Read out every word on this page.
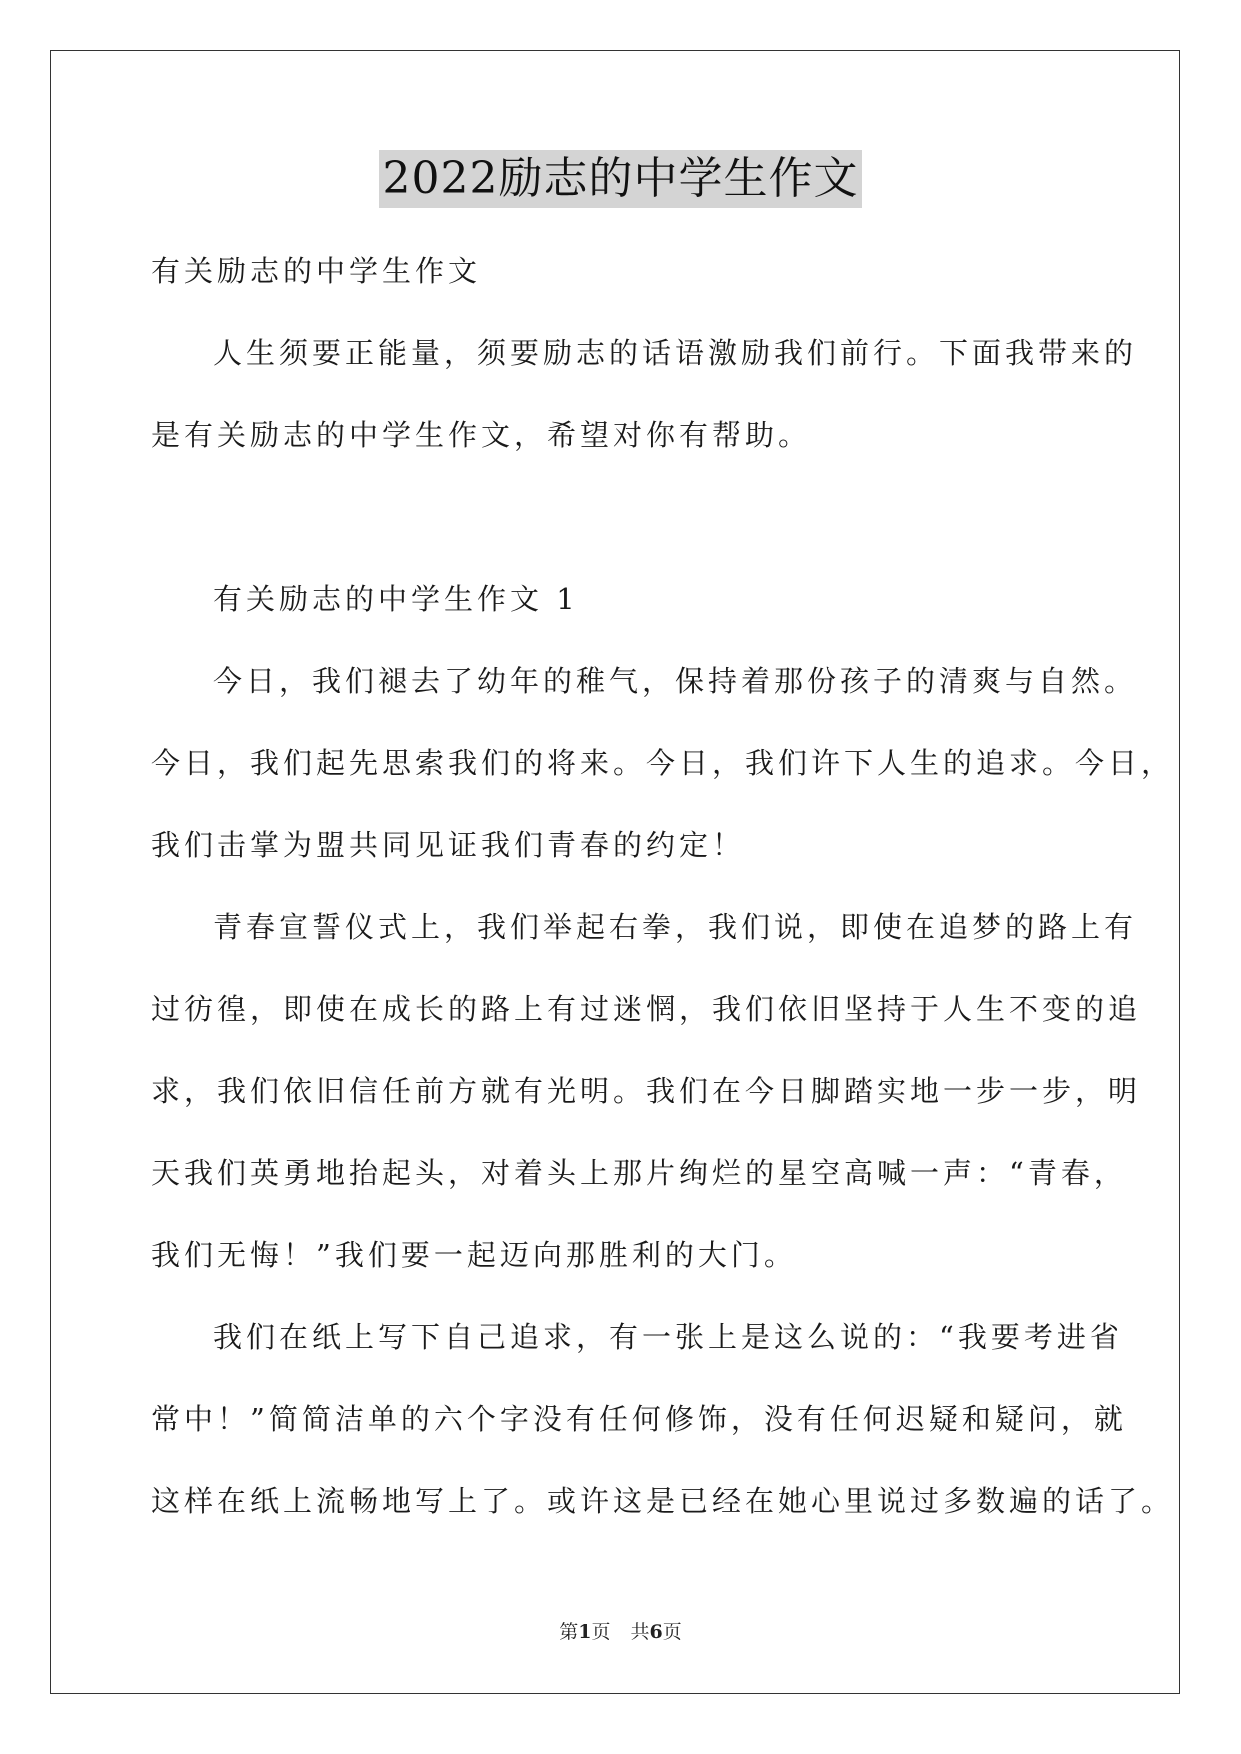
2022励志的中学生作文
有关励志的中学生作文
人生须要正能量，须要励志的话语激励我们前行。下面我带来的
是有关励志的中学生作文，希望对你有帮助。
有关励志的中学生作文 1
今日，我们褪去了幼年的稚气，保持着那份孩子的清爽与自然。
今日，我们起先思索我们的将来。今日，我们许下人生的追求。今日，
我们击掌为盟共同见证我们青春的约定！
青春宣誓仪式上，我们举起右拳，我们说，即使在追梦的路上有
过彷徨，即使在成长的路上有过迷惘，我们依旧坚持于人生不变的追
求，我们依旧信任前方就有光明。我们在今日脚踏实地一步一步，明
天我们英勇地抬起头，对着头上那片绚烂的星空高喊一声：“青春，
我们无悔！”我们要一起迈向那胜利的大门。
我们在纸上写下自己追求，有一张上是这么说的：“我要考进省
常中！”简简洁单的六个字没有任何修饰，没有任何迟疑和疑问，就
这样在纸上流畅地写上了。或许这是已经在她心里说过多数遍的话了。
第1页 共6页
